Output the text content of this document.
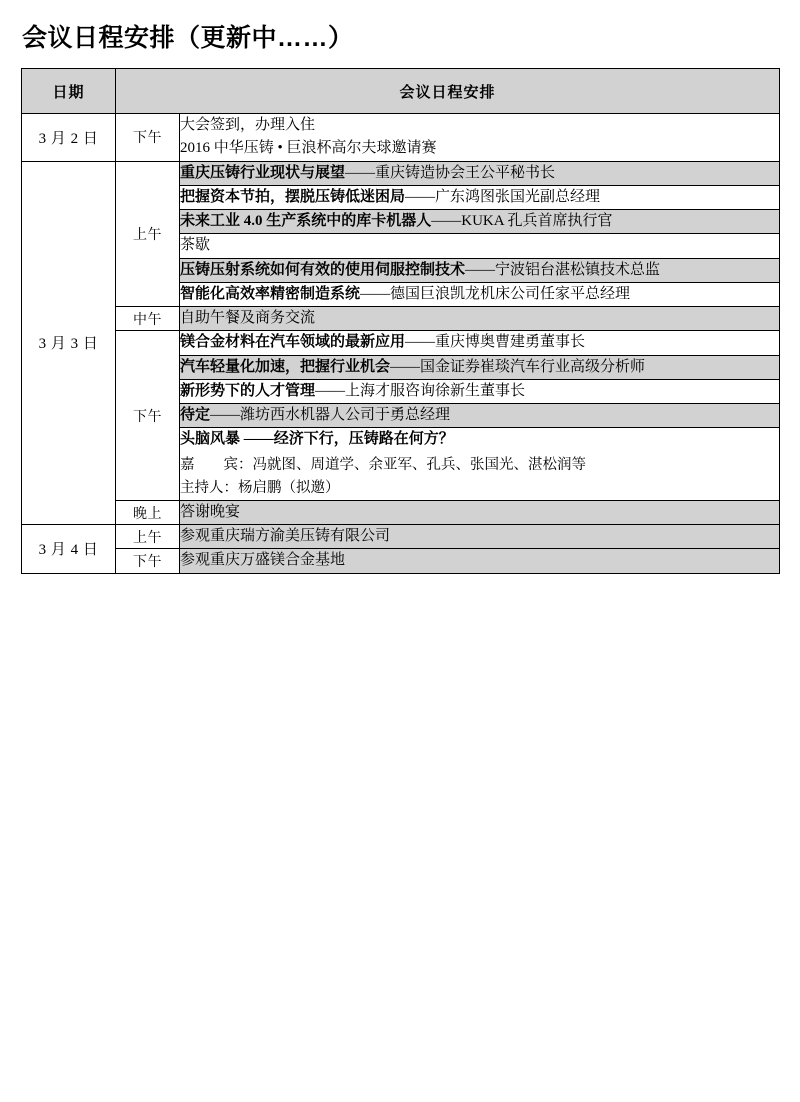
会议日程安排（更新中……）
日期	会议日程安排	
3 月 2 日	下午	大会签到，办理入住
2016 中华压铸 • 巨浪杯高尔夫球邀请赛

3 月 3 日	上午	重庆压铸行业现状与展望——重庆铸造协会王公平秘书长
		把握资本节拍，摆脱压铸低迷困局——广东鸿图张国光副总经理
		未来工业 4.0 生产系统中的库卡机器人——KUKA 孔兵首席执行官

		茶歇

		压铸压射系统如何有效的使用伺服控制技术——宁波铝台湛松镇技术总监
		智能化高效率精密制造系统——德国巨浪凯龙机床公司任家平总经理
	中午	自助午餐及商务交流

	下午	镁合金材料在汽车领域的最新应用——重庆博奥曹建勇董事长
		汽车轻量化加速，把握行业机会——国金证券崔琰汽车行业高级分析师
		新形势下的人才管理——上海才服咨询徐新生董事长
		待定——潍坊西水机器人公司于勇总经理

		头脑风暴 ——经济下行，压铸路在何方？
嘉　　宾：冯就图、周道学、余亚军、孔兵、张国光、湛松润等
主持人：杨启鹏（拟邀）

	晚上	答谢晚宴

3 月 4 日	上午	参观重庆瑞方渝美压铸有限公司

	下午	参观重庆万盛镁合金基地
